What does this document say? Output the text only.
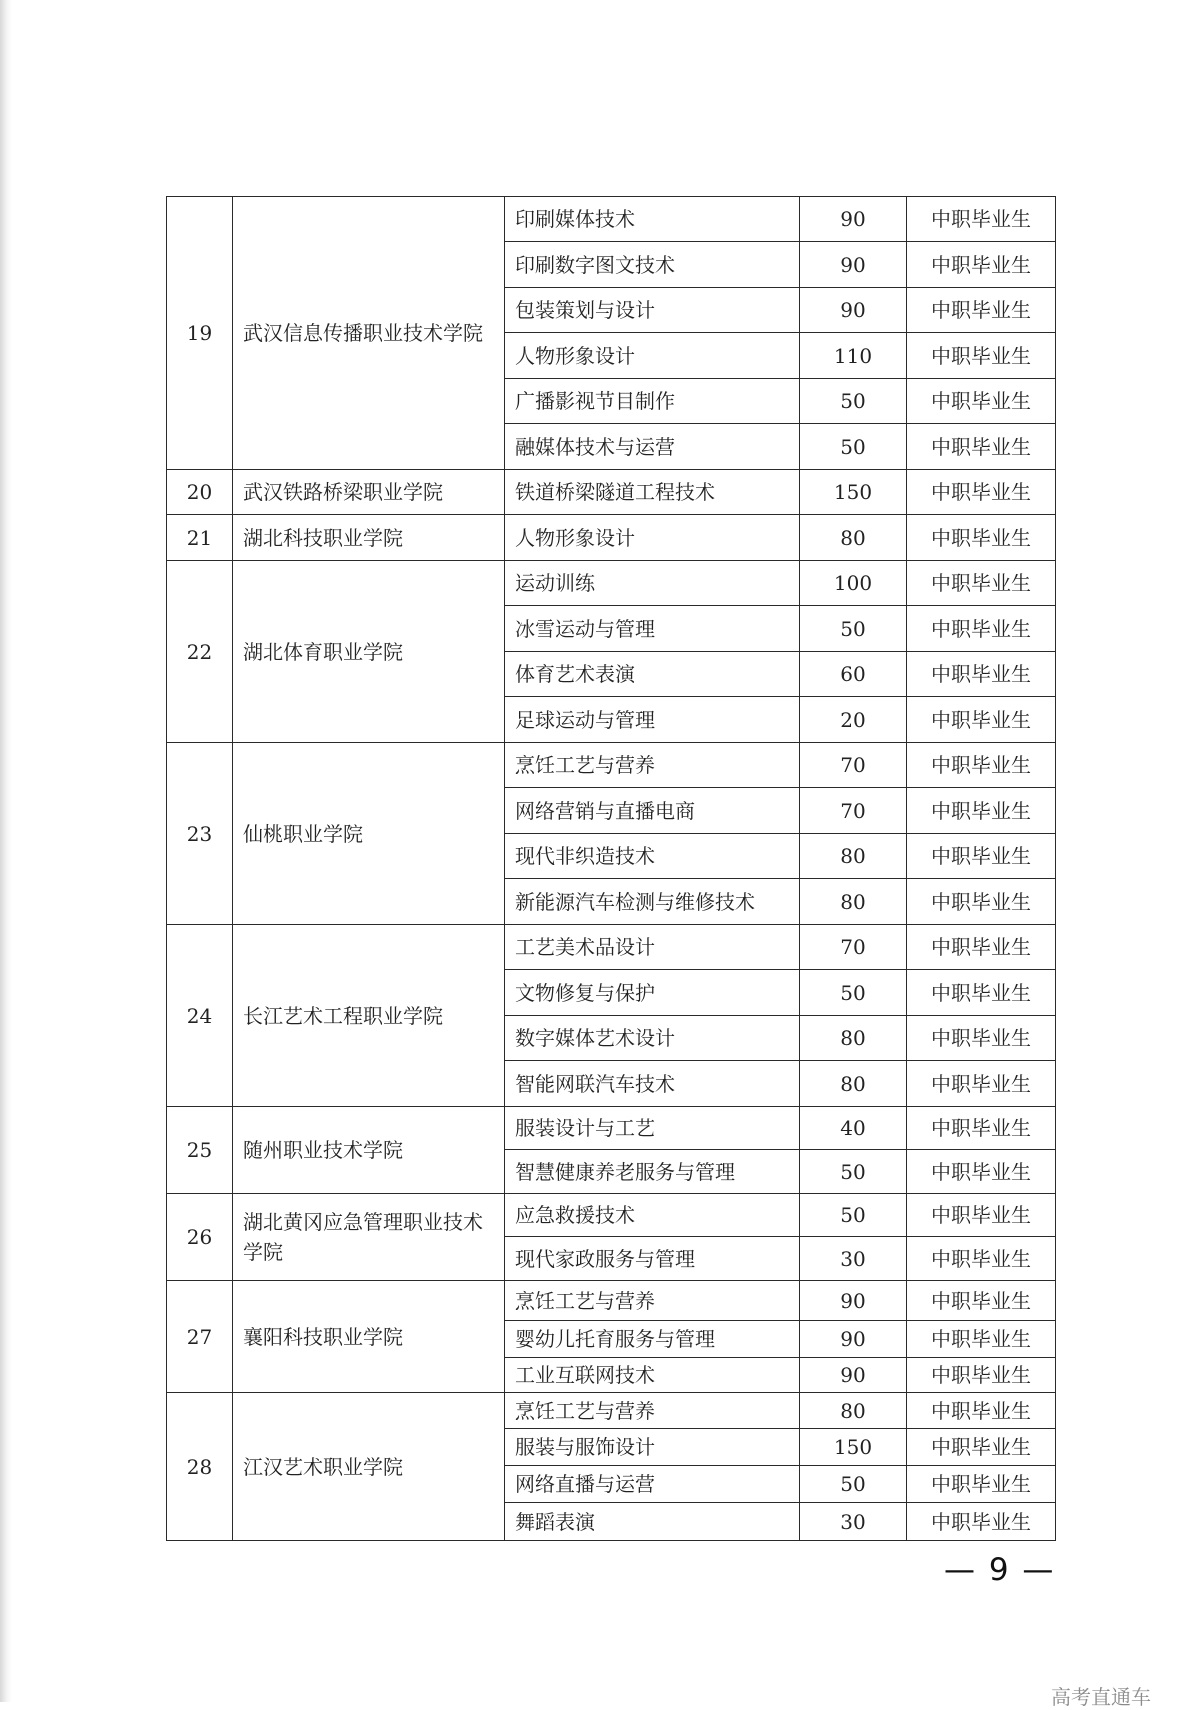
19	武汉信息传播职业技术学院	印刷媒体技术	90	中职毕业生
		印刷数字图文技术	90	中职毕业生
		包装策划与设计	90	中职毕业生
		人物形象设计	110	中职毕业生
		广播影视节目制作	50	中职毕业生
		融媒体技术与运营	50	中职毕业生
20	武汉铁路桥梁职业学院	铁道桥梁隧道工程技术	150	中职毕业生
21	湖北科技职业学院	人物形象设计	80	中职毕业生
22	湖北体育职业学院	运动训练	100	中职毕业生
		冰雪运动与管理	50	中职毕业生
		体育艺术表演	60	中职毕业生
		足球运动与管理	20	中职毕业生
23	仙桃职业学院	烹饪工艺与营养	70	中职毕业生
		网络营销与直播电商	70	中职毕业生
		现代非织造技术	80	中职毕业生
		新能源汽车检测与维修技术	80	中职毕业生
24	长江艺术工程职业学院	工艺美术品设计	70	中职毕业生
		文物修复与保护	50	中职毕业生
		数字媒体艺术设计	80	中职毕业生
		智能网联汽车技术	80	中职毕业生
25	随州职业技术学院	服装设计与工艺	40	中职毕业生
		智慧健康养老服务与管理	50	中职毕业生
26	湖北黄冈应急管理职业技术学院	应急救援技术	50	中职毕业生
		现代家政服务与管理	30	中职毕业生
27	襄阳科技职业学院	烹饪工艺与营养	90	中职毕业生
		婴幼儿托育服务与管理	90	中职毕业生
		工业互联网技术	90	中职毕业生
28	江汉艺术职业学院	烹饪工艺与营养	80	中职毕业生
		服装与服饰设计	150	中职毕业生
		网络直播与运营	50	中职毕业生
		舞蹈表演	30	中职毕业生
— 9 —
高考直通车
